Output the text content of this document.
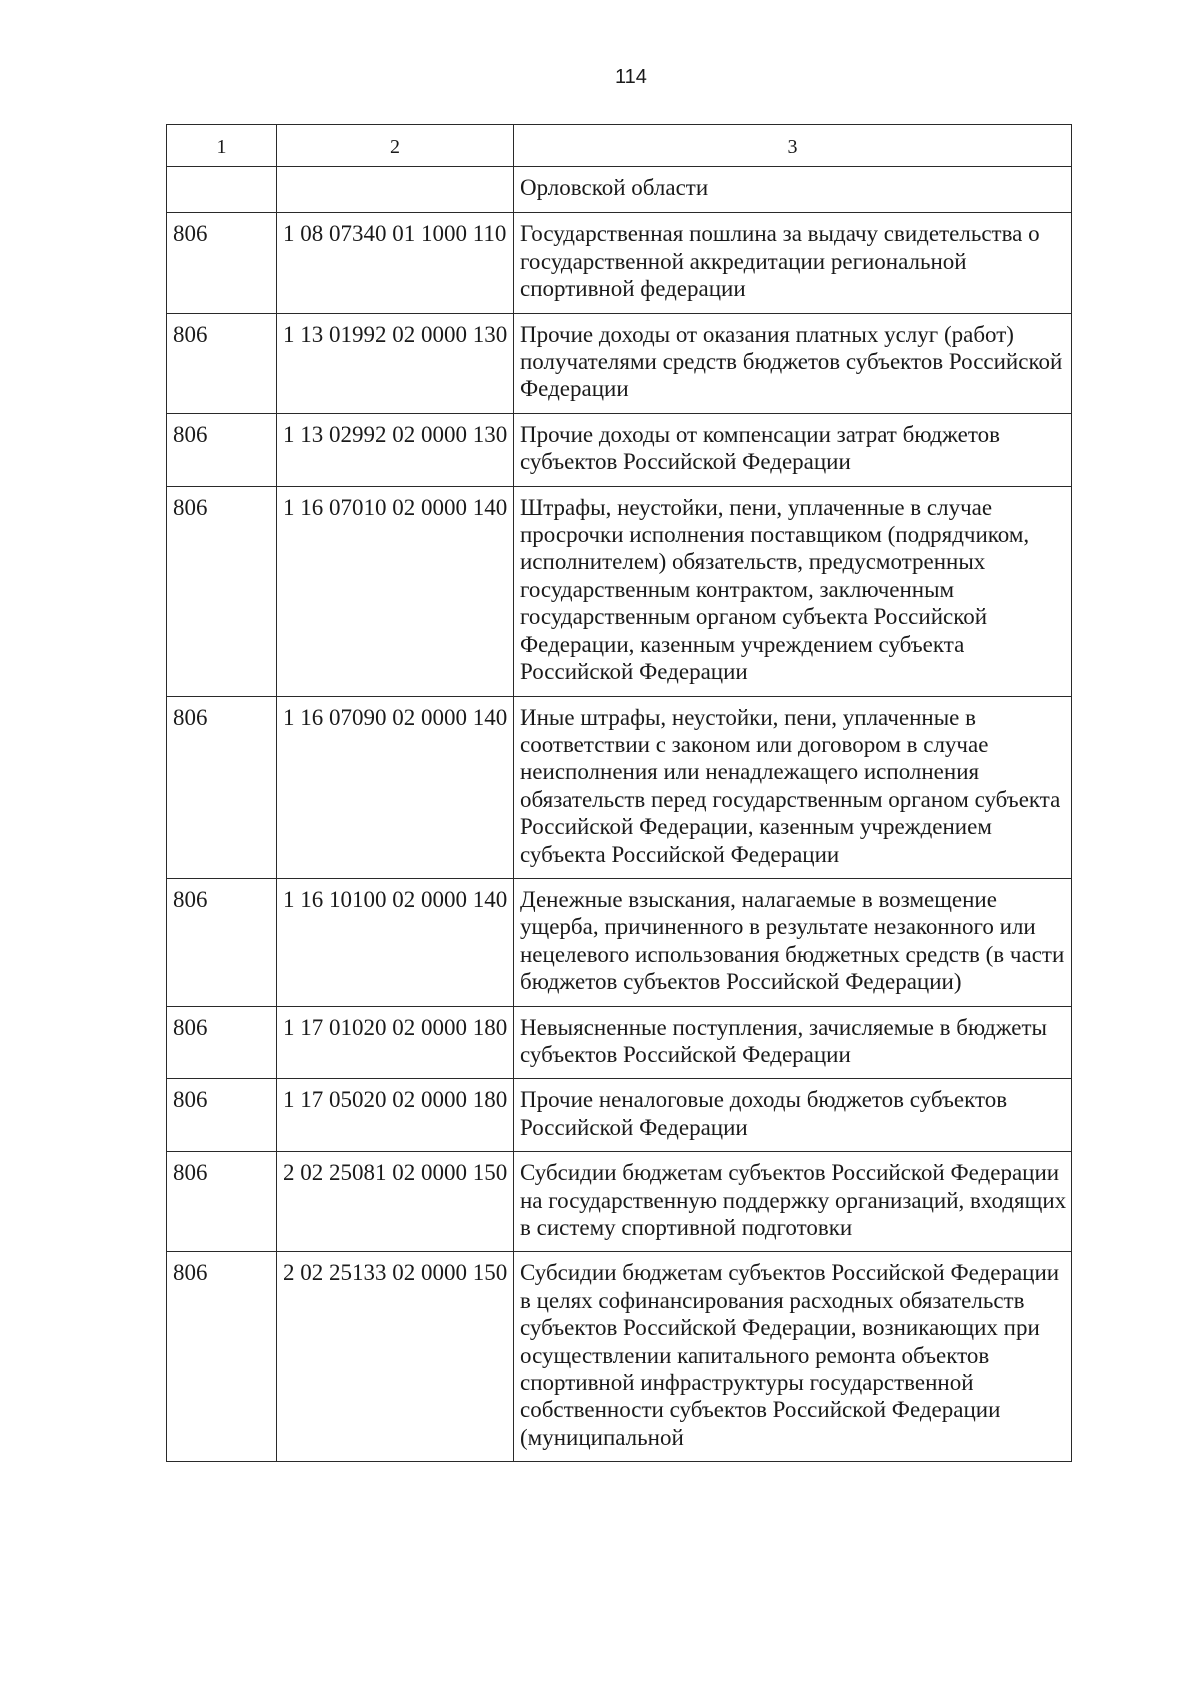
114
1	2	3
		Орловской области
806	1 08 07340 01 1000 110	Государственная пошлина за выдачу свидетельства о государственной аккредитации региональной спортивной федерации
806	1 13 01992 02 0000 130	Прочие доходы от оказания платных услуг (работ) получателями средств бюджетов субъектов Российской Федерации
806	1 13 02992 02 0000 130	Прочие доходы от компенсации затрат бюджетов субъектов Российской Федерации
806	1 16 07010 02 0000 140	Штрафы, неустойки, пени, уплаченные в случае просрочки исполнения поставщиком (подрядчиком, исполнителем) обязательств, предусмотренных государственным контрактом, заключенным государственным органом субъекта Российской Федерации, казенным учреждением субъекта Российской Федерации
806	1 16 07090 02 0000 140	Иные штрафы, неустойки, пени, уплаченные в соответствии с законом или договором в случае неисполнения или ненадлежащего исполнения обязательств перед государственным органом субъекта Российской Федерации, казенным учреждением субъекта Российской Федерации
806	1 16 10100 02 0000 140	Денежные взыскания, налагаемые в возмещение ущерба, причиненного в результате незаконного или нецелевого использования бюджетных средств (в части бюджетов субъектов Российской Федерации)
806	1 17 01020 02 0000 180	Невыясненные поступления, зачисляемые в бюджеты субъектов Российской Федерации
806	1 17 05020 02 0000 180	Прочие неналоговые доходы бюджетов субъектов Российской Федерации
806	2 02 25081 02 0000 150	Субсидии бюджетам субъектов Российской Федерации на государственную поддержку организаций, входящих в систему спортивной подготовки
806	2 02 25133 02 0000 150	Субсидии бюджетам субъектов Российской Федерации в целях софинансирования расходных обязательств субъектов Российской Федерации, возникающих при осуществлении капитального ремонта объектов спортивной инфраструктуры государственной собственности субъектов Российской Федерации (муниципальной
